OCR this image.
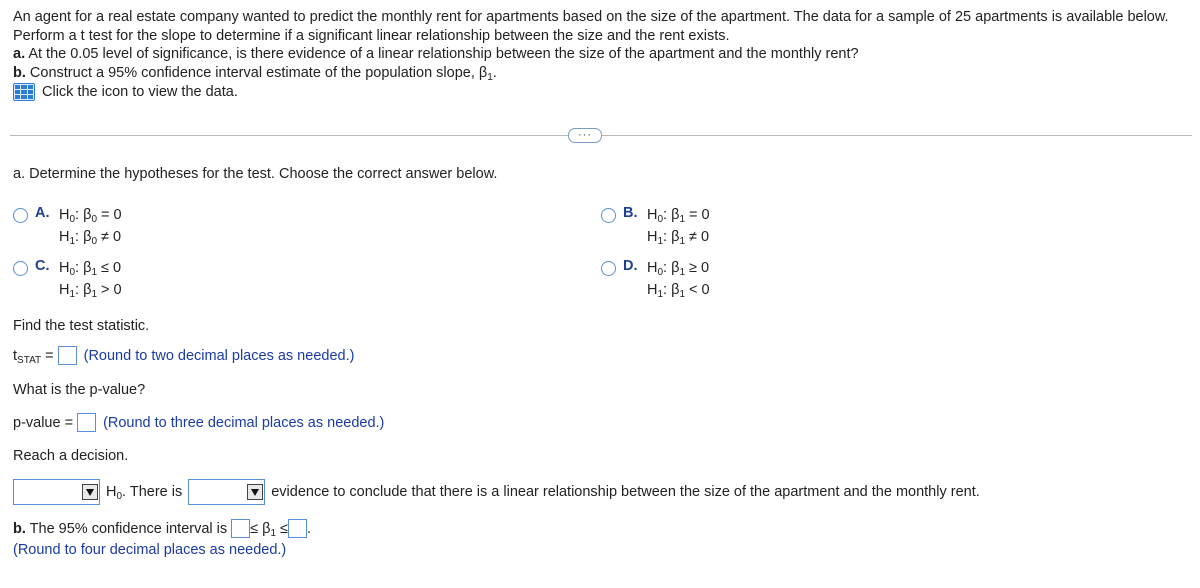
An agent for a real estate company wanted to predict the monthly rent for apartments based on the size of the apartment. The data for a sample of 25 apartments is available below. Perform a t test for the slope to determine if a significant linear relationship between the size and the rent exists.
a. At the 0.05 level of significance, is there evidence of a linear relationship between the size of the apartment and the monthly rent?
b. Construct a 95% confidence interval estimate of the population slope, $\beta_1$.
Click the icon to view the data.
···
a. Determine the hypotheses for the test. Choose the correct answer below.
A. $H_0$: $\beta_0 = 0$
$H_1$: $\beta_0 \ne 0$
B. $H_0$: $\beta_1 = 0$
$H_1$: $\beta_1 \ne 0$
C. $H_0$: $\beta_1 \le 0$
$H_1$: $\beta_1 > 0$
D. $H_0$: $\beta_1 \ge 0$
$H_1$: $\beta_1 < 0$
Find the test statistic.
$t_{STAT}$ = (Round to two decimal places as needed.)
What is the p-value?
p-value = (Round to three decimal places as needed.)
Reach a decision.
$H_0$. There is	evidence to conclude that there is a linear relationship between the size of the apartment and the monthly rent.
b. The 95% confidence interval is ≤ $\beta_1$ ≤ .
(Round to four decimal places as needed.)
